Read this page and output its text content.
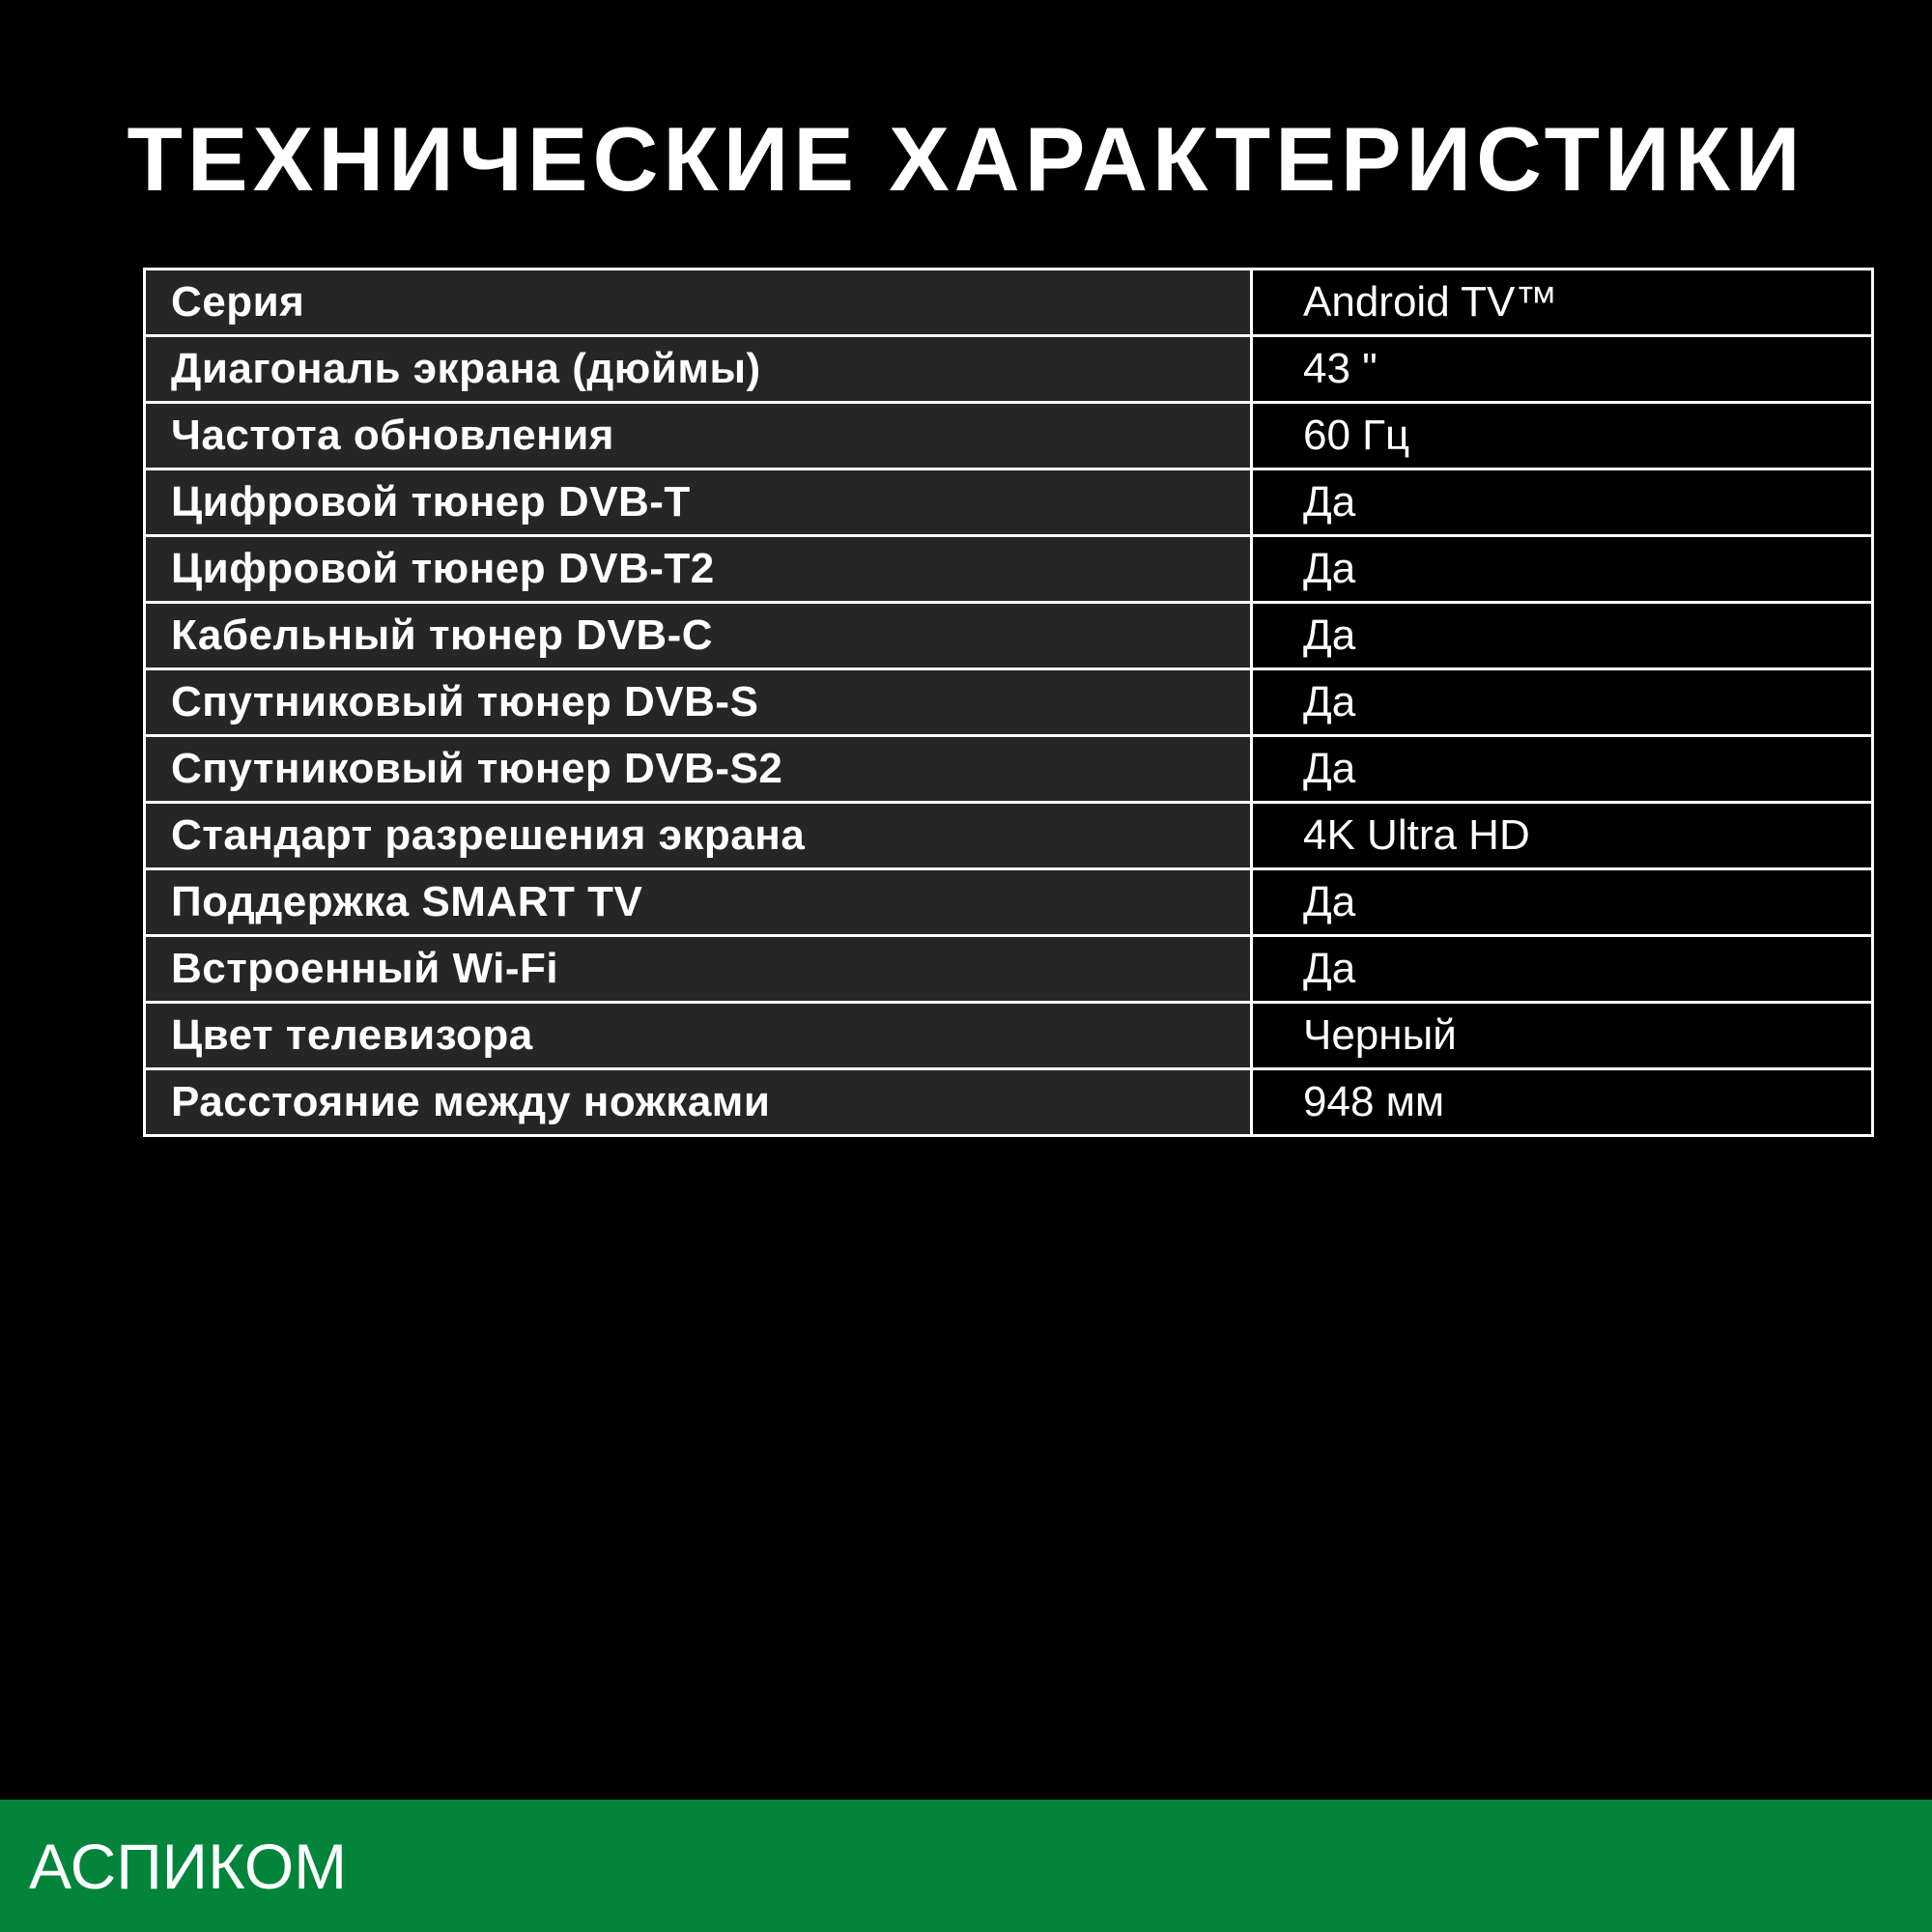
ТЕХНИЧЕСКИЕ ХАРАКТЕРИСТИКИ
Серия	Android TV™
Диагональ экрана (дюймы)	43 "
Частота обновления	60 Гц
Цифровой тюнер DVB-T	Да
Цифровой тюнер DVB-T2	Да
Кабельный тюнер DVB-C	Да
Спутниковый тюнер DVB-S	Да
Спутниковый тюнер DVB-S2	Да
Стандарт разрешения экрана	4K Ultra HD
Поддержка SMART TV	Да
Встроенный Wi-Fi	Да
Цвет телевизора	Черный
Расстояние между ножками	948 мм
АСПИКОМ
